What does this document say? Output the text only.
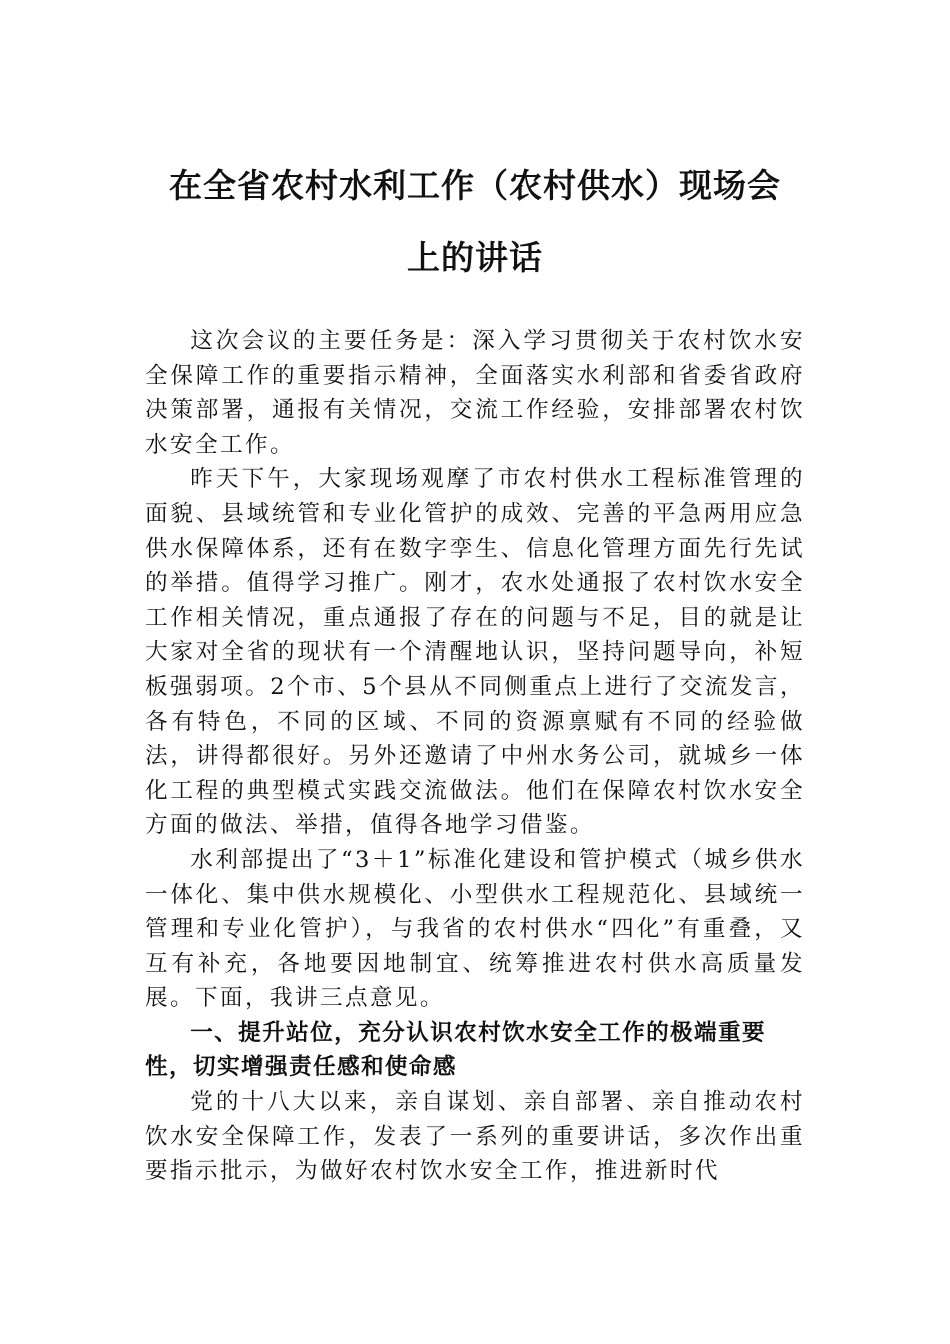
在全省农村水利工作（农村供水）现场会
上的讲话

这次会议的主要任务是：深入学习贯彻关于农村饮水安全保障工作的重要指示精神，全面落实水利部和省委省政府决策部署，通报有关情况，交流工作经验，安排部署农村饮水安全工作。

昨天下午，大家现场观摩了市农村供水工程标准管理的面貌、县域统管和专业化管护的成效、完善的平急两用应急供水保障体系，还有在数字孪生、信息化管理方面先行先试的举措。值得学习推广。刚才，农水处通报了农村饮水安全工作相关情况，重点通报了存在的问题与不足，目的就是让大家对全省的现状有一个清醒地认识，坚持问题导向，补短板强弱项。2个市、5个县从不同侧重点上进行了交流发言，各有特色，不同的区域、不同的资源禀赋有不同的经验做法，讲得都很好。另外还邀请了中州水务公司，就城乡一体化工程的典型模式实践交流做法。他们在保障农村饮水安全方面的做法、举措，值得各地学习借鉴。

水利部提出了“3＋1”标准化建设和管护模式（城乡供水一体化、集中供水规模化、小型供水工程规范化、县域统一管理和专业化管护），与我省的农村供水“四化”有重叠，又互有补充，各地要因地制宜、统筹推进农村供水高质量发展。下面，我讲三点意见。

一、提升站位，充分认识农村饮水安全工作的极端重要性，切实增强责任感和使命感

党的十八大以来，亲自谋划、亲自部署、亲自推动农村饮水安全保障工作，发表了一系列的重要讲话，多次作出重要指示批示，为做好农村饮水安全工作，推进新时代
